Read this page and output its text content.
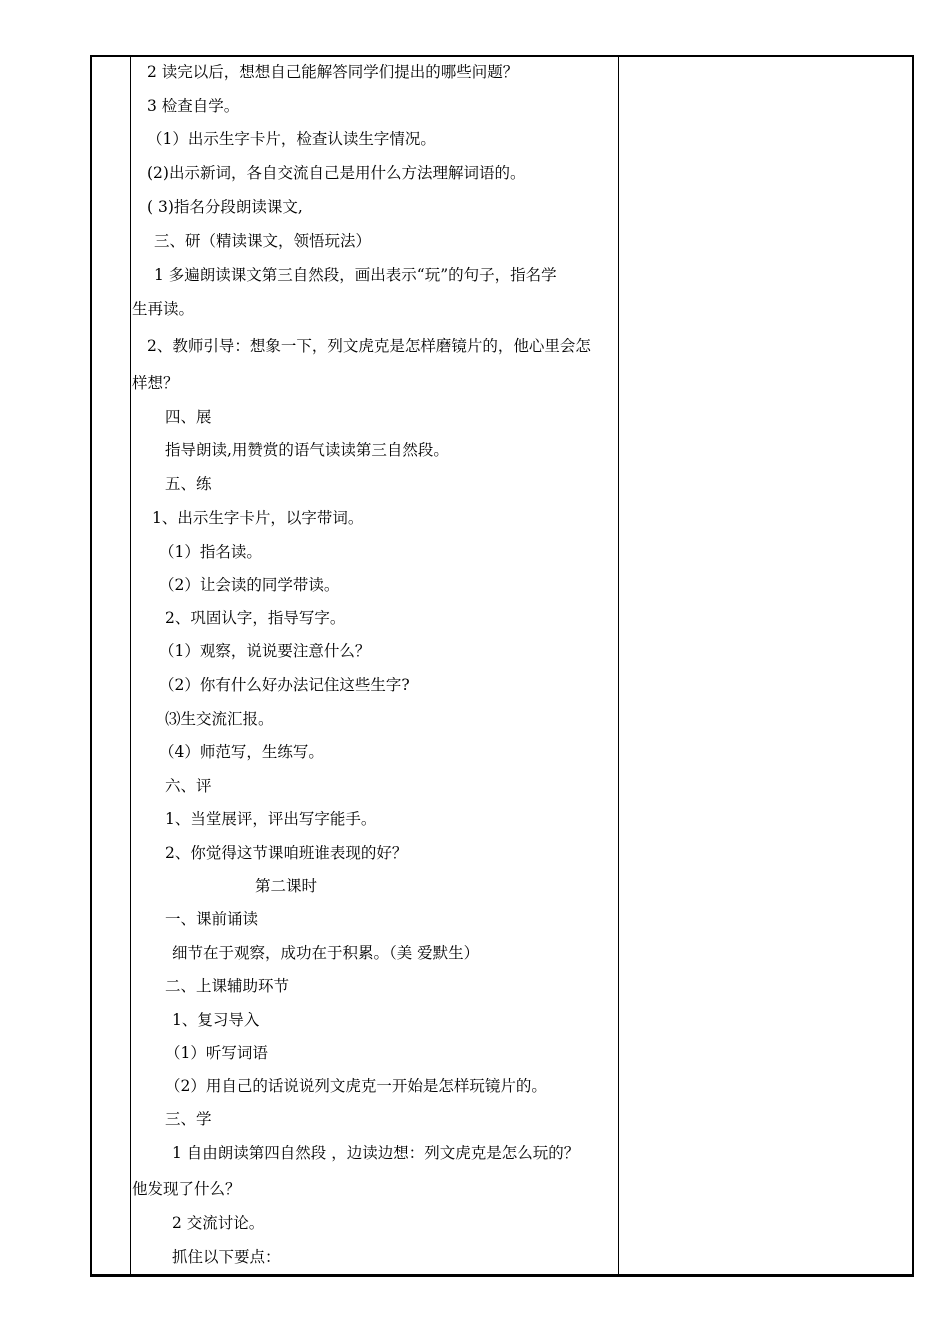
2 读完以后，想想自己能解答同学们提出的哪些问题？
3 检查自学。
（1）出示生字卡片，检查认读生字情况。
(2)出示新词，各自交流自己是用什么方法理解词语的。
( 3)指名分段朗读课文,
三、研（精读课文，领悟玩法）
1 多遍朗读课文第三自然段，画出表示“玩”的句子，指名学
生再读。
2、教师引导：想象一下，列文虎克是怎样磨镜片的，他心里会怎
样想？
四、展
指导朗读,用赞赏的语气读读第三自然段。
五、练
1、出示生字卡片，以字带词。
（1）指名读。
（2）让会读的同学带读。
2、巩固认字，指导写字。
（1）观察，说说要注意什么？
（2）你有什么好办法记住这些生字?
⑶生交流汇报。
（4）师范写，生练写。
六、评
1、当堂展评，评出写字能手。
2、你觉得这节课咱班谁表现的好？
第二课时
一、课前诵读
细节在于观察，成功在于积累。（美 爱默生）
二、上课辅助环节
1、复习导入
（1）听写词语
（2）用自己的话说说列文虎克一开始是怎样玩镜片的。
三、学
1 自由朗读第四自然段 ，边读边想：列文虎克是怎么玩的？
他发现了什么？
2 交流讨论。
抓住以下要点：
